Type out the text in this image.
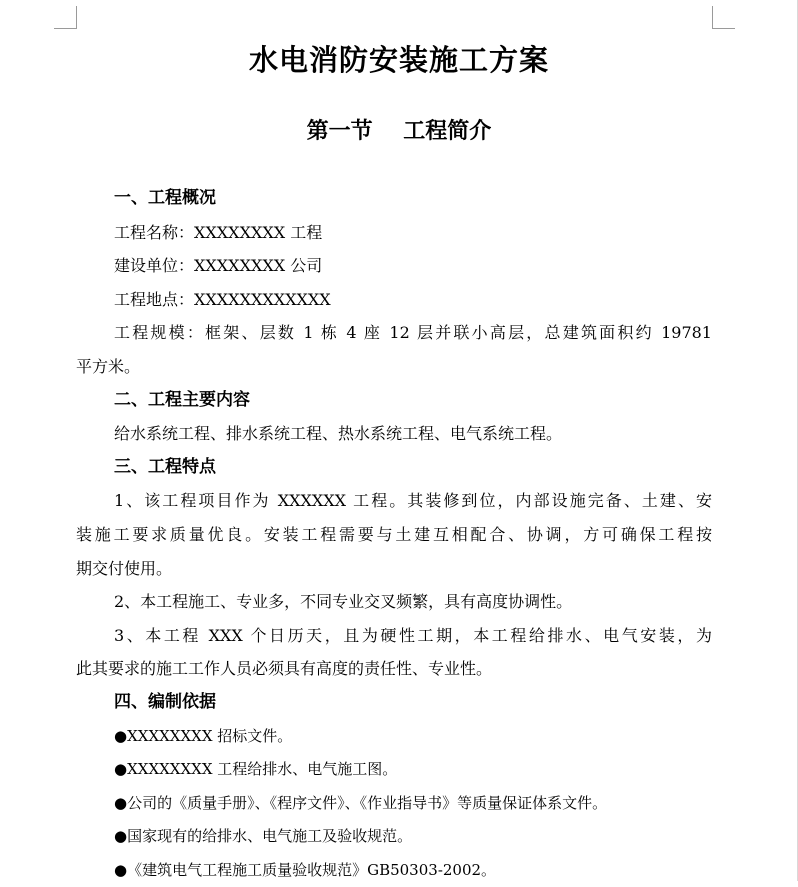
水电消防安装施工方案
第一节    工程简介
一、工程概况
工程名称：XXXXXXXX 工程
建设单位：XXXXXXXX 公司
工程地点：XXXXXXXXXXXX
工程规模：框架、层数 1 栋 4 座 12 层并联小高层，总建筑面积约 19781
平方米。
二、工程主要内容
给水系统工程、排水系统工程、热水系统工程、电气系统工程。
三、工程特点
1、该工程项目作为 XXXXXX 工程。其装修到位，内部设施完备、土建、安
装施工要求质量优良。安装工程需要与土建互相配合、协调，方可确保工程按
期交付使用。
2、本工程施工、专业多，不同专业交叉频繁，具有高度协调性。
3、本工程 XXX 个日历天，且为硬性工期，本工程给排水、电气安装，为
此其要求的施工工作人员必须具有高度的责任性、专业性。
四、编制依据
●XXXXXXXX 招标文件。
●XXXXXXXX 工程给排水、电气施工图。
●公司的《质量手册》、《程序文件》、《作业指导书》等质量保证体系文件。
●国家现有的给排水、电气施工及验收规范。
●《建筑电气工程施工质量验收规范》GB50303-2002。
